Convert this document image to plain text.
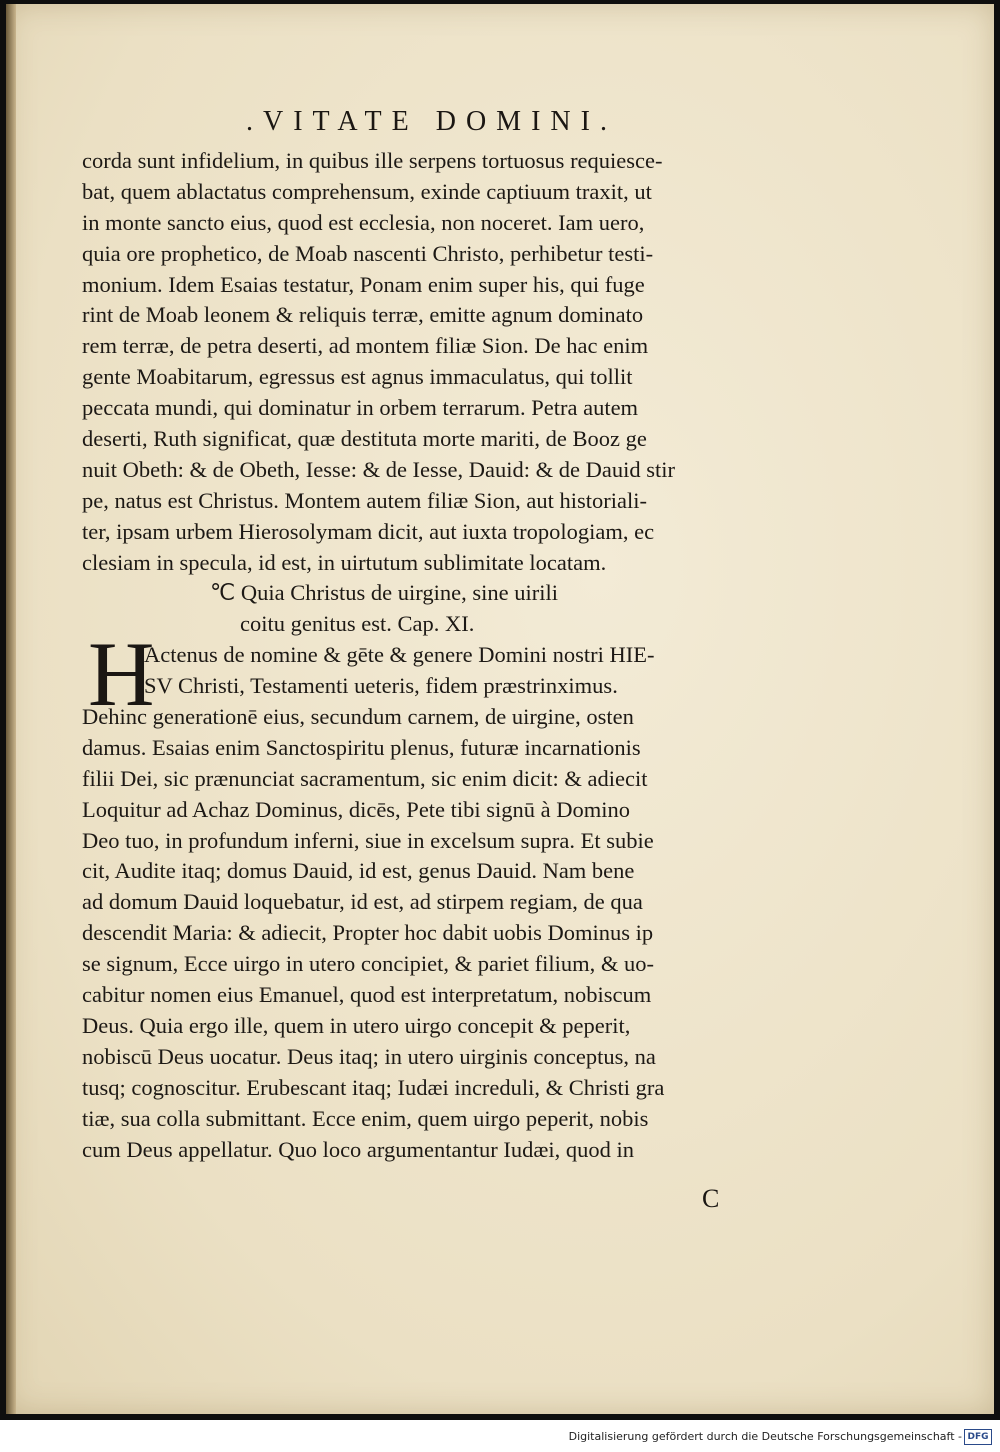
.VITATE DOMINI.
corda sunt infidelium, in quibus ille serpens tortuosus requiesce-
bat, quem ablactatus comprehensum, exinde captiuum traxit, ut
in monte sancto eius, quod est ecclesia, non noceret. Iam uero,
quia ore prophetico, de Moab nascenti Christo, perhibetur testi-
monium. Idem Esaias testatur, Ponam enim super his, qui fuge
rint de Moab leonem & reliquis terræ, emitte agnum dominato
rem terræ, de petra deserti, ad montem filiæ Sion. De hac enim
gente Moabitarum, egressus est agnus immaculatus, qui tollit
peccata mundi, qui dominatur in orbem terrarum. Petra autem
deserti, Ruth significat, quæ destituta morte mariti, de Booz ge
nuit Obeth: & de Obeth, Iesse: & de Iesse, Dauid: & de Dauid stir
pe, natus est Christus. Montem autem filiæ Sion, aut historiali-
ter, ipsam urbem Hierosolymam dicit, aut iuxta tropologiam, ec
clesiam in specula, id est, in uirtutum sublimitate locatam.
℃ Quia Christus de uirgine, sine uirili
coitu genitus est. Cap. XI.
H
Actenus de nomine & gēte & genere Domini nostri HIE-
SV Christi, Testamenti ueteris, fidem præstrinximus.
Dehinc generationē eius, secundum carnem, de uirgine, osten
damus. Esaias enim Sanctospiritu plenus, futuræ incarnationis
filii Dei, sic prænunciat sacramentum, sic enim dicit: & adiecit
Loquitur ad Achaz Dominus, dicēs, Pete tibi signū à Domino
Deo tuo, in profundum inferni, siue in excelsum supra. Et subie
cit, Audite itaq; domus Dauid, id est, genus Dauid. Nam bene
ad domum Dauid loquebatur, id est, ad stirpem regiam, de qua
descendit Maria: & adiecit, Propter hoc dabit uobis Dominus ip
se signum, Ecce uirgo in utero concipiet, & pariet filium, & uo-
cabitur nomen eius Emanuel, quod est interpretatum, nobiscum
Deus. Quia ergo ille, quem in utero uirgo concepit & peperit,
nobiscū Deus uocatur. Deus itaq; in utero uirginis conceptus, na
tusq; cognoscitur. Erubescant itaq; Iudæi increduli, & Christi gra
tiæ, sua colla submittant. Ecce enim, quem uirgo peperit, nobis
cum Deus appellatur. Quo loco argumentantur Iudæi, quod in
C
Digitalisierung gefördert durch die Deutsche Forschungsgemeinschaft - DFG
